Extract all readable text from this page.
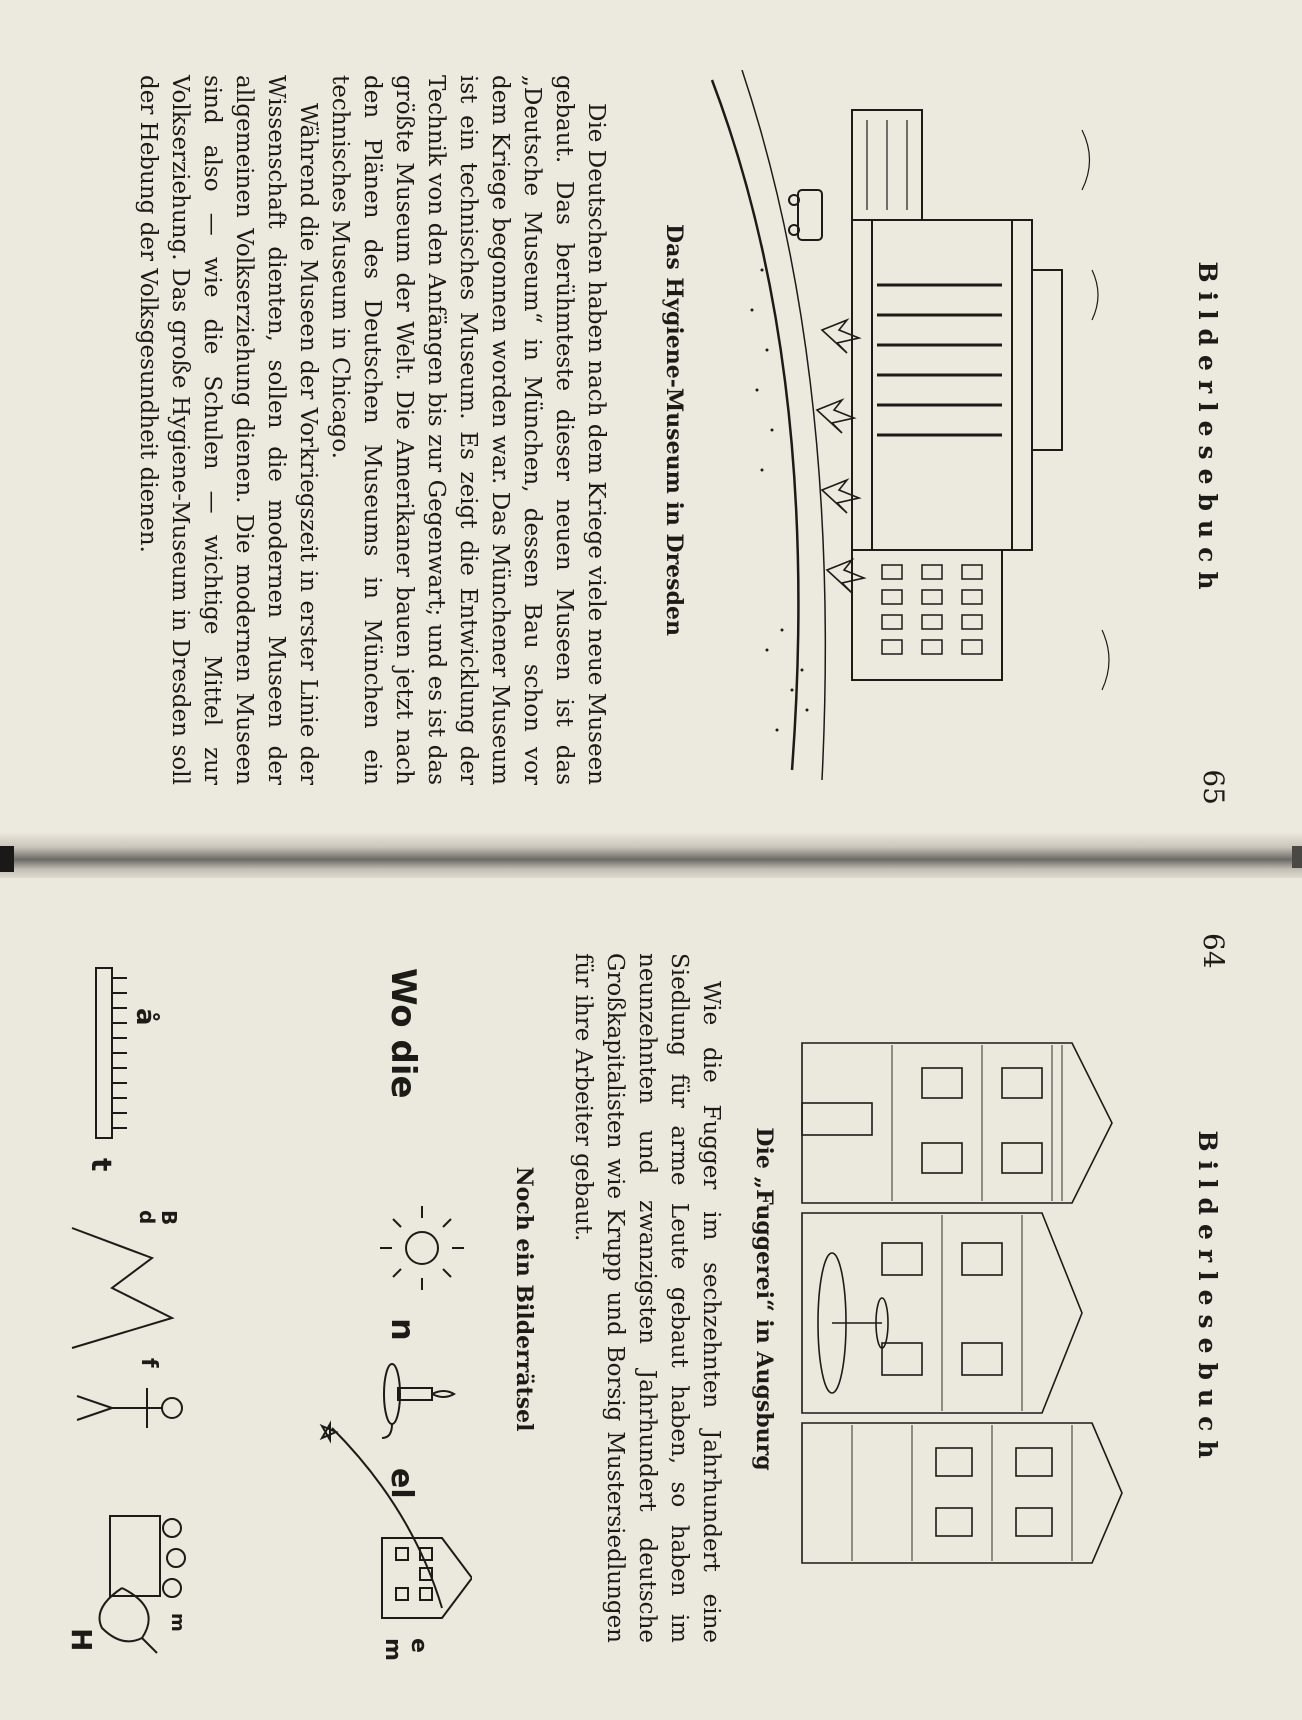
Bilderlesebuch
65
Das Hygiene-Museum in Dresden

Die Deutschen haben nach dem Kriege viele neue Museen gebaut. Das berühmteste dieser neuen Museen ist das „Deutsche Museum“ in München, dessen Bau schon vor dem Kriege begonnen worden war. Das Münchener Museum ist ein technisches Museum. Es zeigt die Entwicklung der Technik von den Anfängen bis zur Gegenwart; und es ist das größte Museum der Welt. Die Amerikaner bauen jetzt nach den Plänen des Deutschen Museums in München ein technisches Museum in Chicago.

Während die Museen der Vorkriegszeit in erster Linie der Wissenschaft dienten, sollen die modernen Museen der allgemeinen Volkserziehung dienen. Die modernen Museen sind also — wie die Schulen — wichtige Mittel zur Volkserziehung. Das große Hygiene-Museum in Dresden soll der Hebung der Volksgesundheit dienen.

Bilderlesebuch
64
Die „Fuggerei“ in Augsburg

Wie die Fugger im sechzehnten Jahrhundert eine Siedlung für arme Leute gebaut haben, so haben im neunzehnten und zwanzigsten Jahrhundert deutsche Großkapitalisten wie Krupp und Borsig Mustersiedlungen für ihre Arbeiter gebaut.

Noch ein Bilderrätsel
Wo die
n
el
e
m
å
t
B
d
f
H
m
